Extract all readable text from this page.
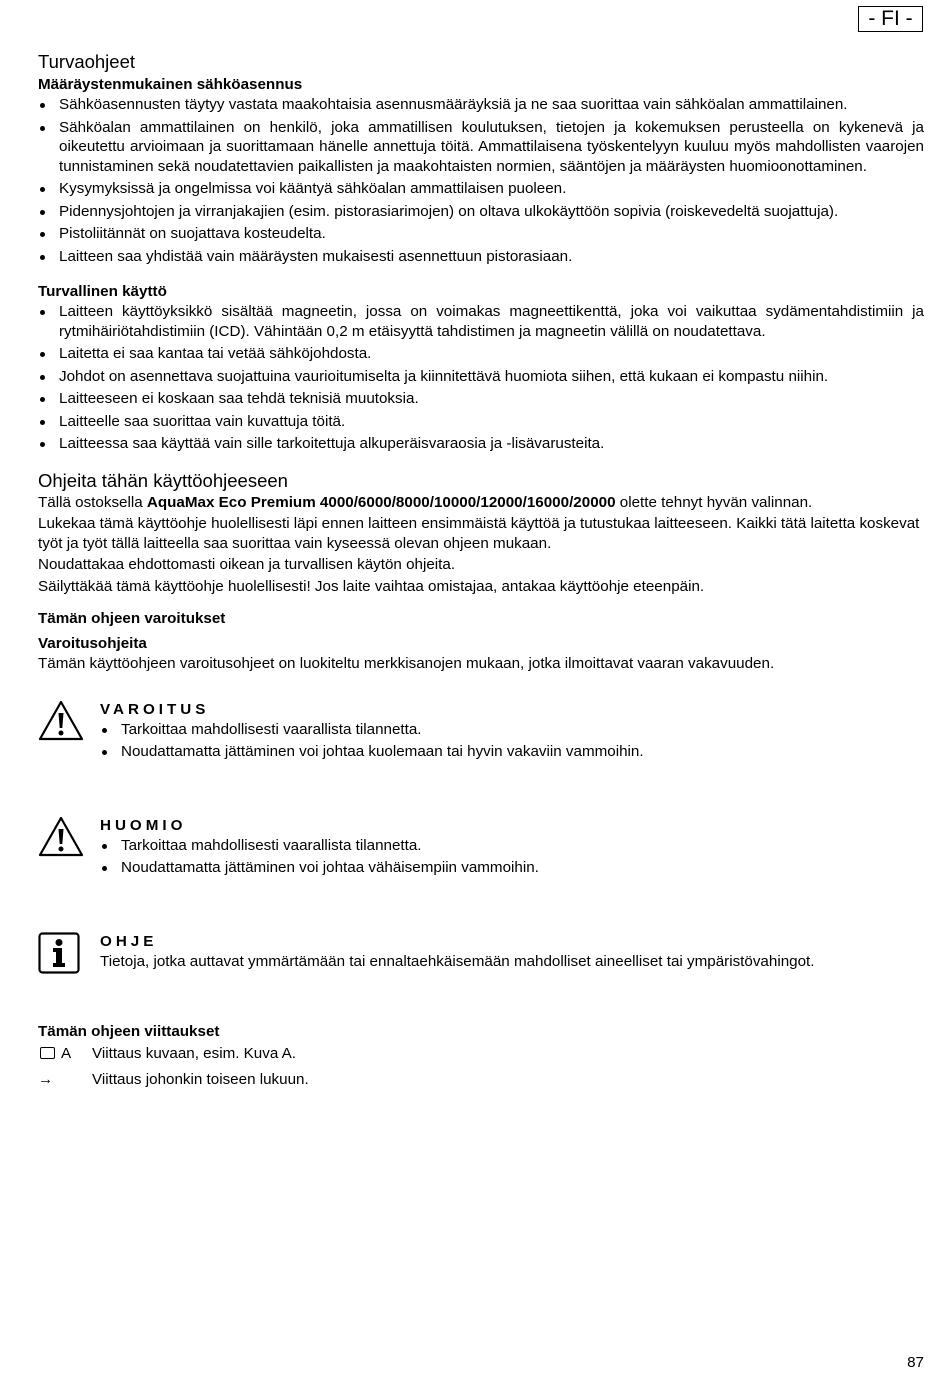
- FI -
Turvaohjeet
Määräystenmukainen sähköasennus
Sähköasennusten täytyy vastata maakohtaisia asennusmääräyksiä ja ne saa suorittaa vain sähköalan ammattilainen.
Sähköalan ammattilainen on henkilö, joka ammatillisen koulutuksen, tietojen ja kokemuksen perusteella on kykenevä ja oikeutettu arvioimaan ja suorittamaan hänelle annettuja töitä. Ammattilaisena työskentelyyn kuuluu myös mahdollisten vaarojen tunnistaminen sekä noudatettavien paikallisten ja maakohtaisten normien, sääntöjen ja määräysten huomioonottaminen.
Kysymyksissä ja ongelmissa voi kääntyä sähköalan ammattilaisen puoleen.
Pidennysjohtojen ja virranjakajien (esim. pistorasiarimojen) on oltava ulkokäyttöön sopivia (roiskevedeltä suojattuja).
Pistoliitännät on suojattava kosteudelta.
Laitteen saa yhdistää vain määräysten mukaisesti asennettuun pistorasiaan.
Turvallinen käyttö
Laitteen käyttöyksikkö sisältää magneetin, jossa on voimakas magneettikenttä, joka voi vaikuttaa sydämentahdistimiin ja rytmihäiriötahdistimiin (ICD). Vähintään 0,2 m etäisyyttä tahdistimen ja magneetin välillä on noudatettava.
Laitetta ei saa kantaa tai vetää sähköjohdosta.
Johdot on asennettava suojattuina vaurioitumiselta ja kiinnitettävä huomiota siihen, että kukaan ei kompastu niihin.
Laitteeseen ei koskaan saa tehdä teknisiä muutoksia.
Laitteelle saa suorittaa vain kuvattuja töitä.
Laitteessa saa käyttää vain sille tarkoitettuja alkuperäisvaraosia ja -lisävarusteita.
Ohjeita tähän käyttöohjeeseen

Tällä ostoksella AquaMax Eco Premium 4000/6000/8000/10000/12000/16000/20000 olette tehnyt hyvän valinnan.

Lukekaa tämä käyttöohje huolellisesti läpi ennen laitteen ensimmäistä käyttöä ja tutustukaa laitteeseen. Kaikki tätä laitetta koskevat työt ja työt tällä laitteella saa suorittaa vain kyseessä olevan ohjeen mukaan.

Noudattakaa ehdottomasti oikean ja turvallisen käytön ohjeita.

Säilyttäkää tämä käyttöohje huolellisesti! Jos laite vaihtaa omistajaa, antakaa käyttöohje eteenpäin.

Tämän ohjeen varoitukset
Varoitusohjeita

Tämän käyttöohjeen varoitusohjeet on luokiteltu merkkisanojen mukaan, jotka ilmoittavat vaaran vakavuuden.

VAROITUS
Tarkoittaa mahdollisesti vaarallista tilannetta.
Noudattamatta jättäminen voi johtaa kuolemaan tai hyvin vakaviin vammoihin.
HUOMIO
Tarkoittaa mahdollisesti vaarallista tilannetta.
Noudattamatta jättäminen voi johtaa vähäisempiin vammoihin.
OHJE

Tietoja, jotka auttavat ymmärtämään tai ennaltaehkäisemään mahdolliset aineelliset tai ympäristövahingot.

Tämän ohjeen viittaukset
A	Viittaus kuvaan, esim. Kuva A.
→	Viittaus johonkin toiseen lukuun.
87
